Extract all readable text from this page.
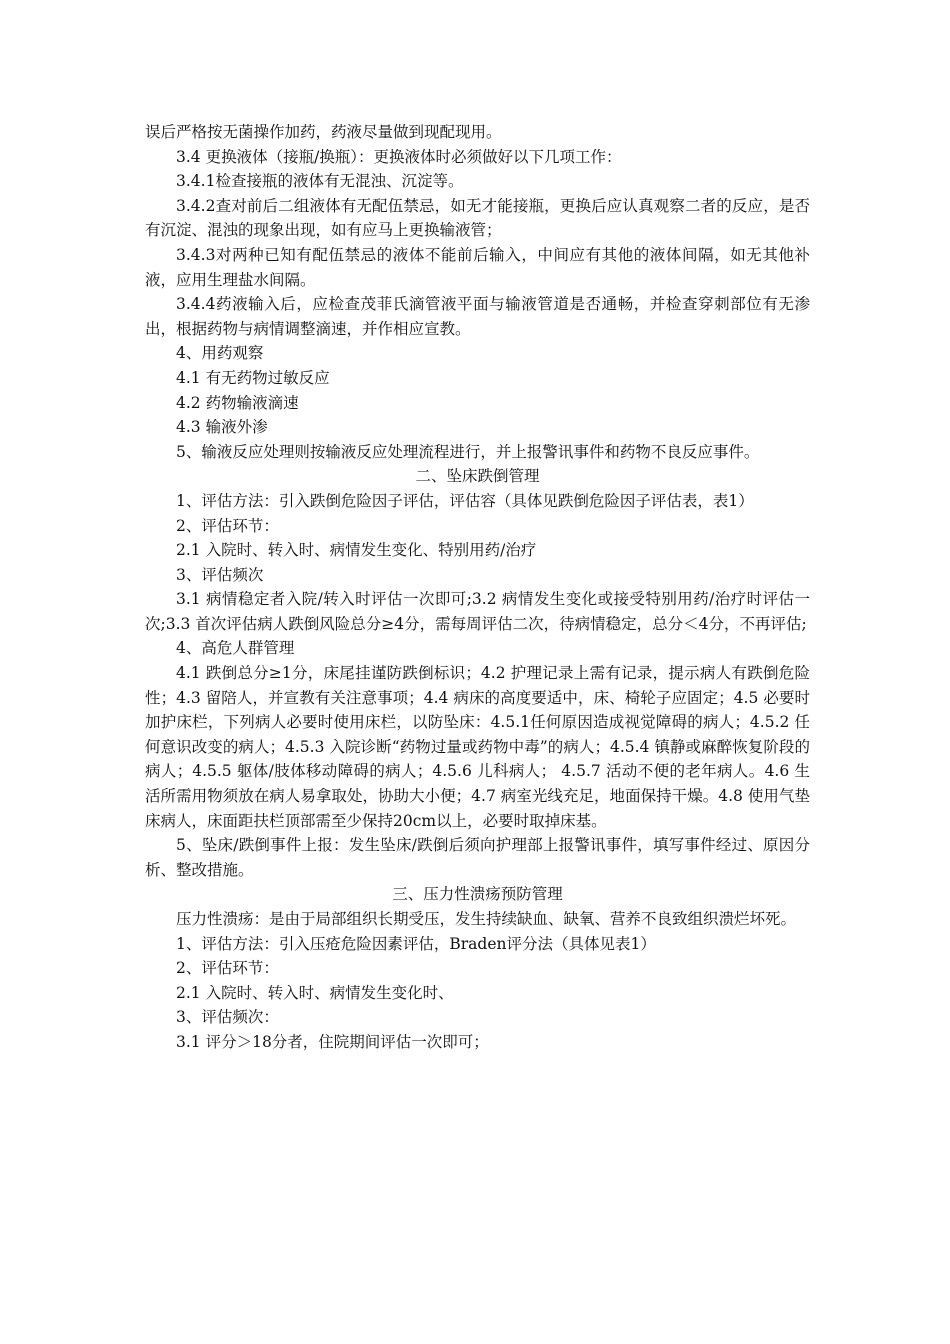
误后严格按无菌操作加药，药液尽量做到现配现用。

3.4 更换液体（接瓶/换瓶）：更换液体时必须做好以下几项工作：

3.4.1检查接瓶的液体有无混浊、沉淀等。

3.4.2查对前后二组液体有无配伍禁忌，如无才能接瓶，更换后应认真观察二者的反应，是否有沉淀、混浊的现象出现，如有应马上更换输液管；

3.4.3对两种已知有配伍禁忌的液体不能前后输入，中间应有其他的液体间隔，如无其他补液，应用生理盐水间隔。

3.4.4药液输入后，应检查茂菲氏滴管液平面与输液管道是否通畅，并检查穿刺部位有无渗出，根据药物与病情调整滴速，并作相应宣教。

4、用药观察

4.1 有无药物过敏反应

4.2 药物输液滴速

4.3 输液外渗

5、输液反应处理则按输液反应处理流程进行，并上报警讯事件和药物不良反应事件。

二、坠床跌倒管理

1、评估方法：引入跌倒危险因子评估，评估容（具体见跌倒危险因子评估表，表1）

2、评估环节：

2.1 入院时、转入时、病情发生变化、特别用药/治疗

3、评估频次

3.1 病情稳定者入院/转入时评估一次即可;3.2 病情发生变化或接受特别用药/治疗时评估一次;3.3 首次评估病人跌倒风险总分≥4分，需每周评估二次，待病情稳定，总分＜4分，不再评估;

4、高危人群管理

4.1 跌倒总分≥1分，床尾挂谨防跌倒标识；4.2 护理记录上需有记录，提示病人有跌倒危险性；4.3 留陪人，并宣教有关注意事项；4.4 病床的高度要适中，床、椅轮子应固定；4.5 必要时加护床栏，下列病人必要时使用床栏，以防坠床：4.5.1任何原因造成视觉障碍的病人；4.5.2 任何意识改变的病人；4.5.3 入院诊断“药物过量或药物中毒”的病人；4.5.4 镇静或麻醉恢复阶段的病人；4.5.5 躯体/肢体移动障碍的病人；4.5.6 儿科病人； 4.5.7 活动不便的老年病人。4.6 生活所需用物须放在病人易拿取处，协助大小便；4.7 病室光线充足，地面保持干燥。4.8 使用气垫床病人，床面距扶栏顶部需至少保持20cm以上，必要时取掉床基。

5、坠床/跌倒事件上报：发生坠床/跌倒后须向护理部上报警讯事件，填写事件经过、原因分析、整改措施。

三、压力性溃疡预防管理

压力性溃疡：是由于局部组织长期受压，发生持续缺血、缺氧、营养不良致组织溃烂坏死。

1、评估方法：引入压疮危险因素评估，Braden评分法（具体见表1）

2、评估环节：

2.1 入院时、转入时、病情发生变化时、

3、评估频次：

3.1 评分＞18分者，住院期间评估一次即可；
